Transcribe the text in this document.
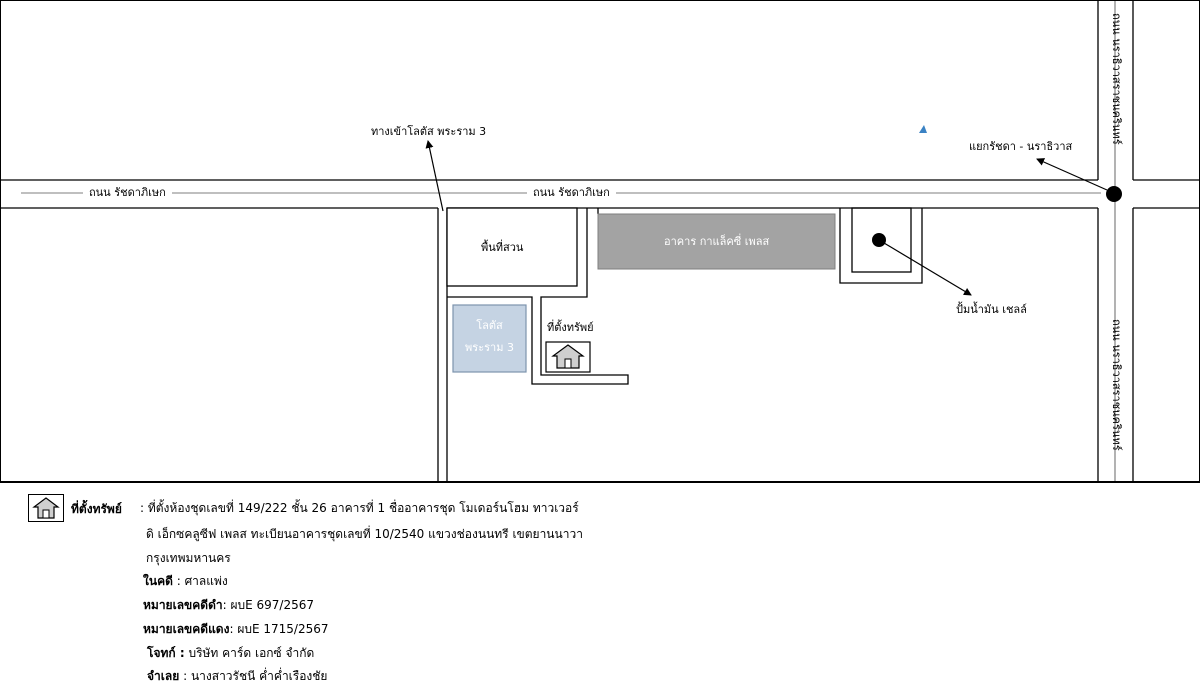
ถนน รัชดาภิเษก	ถนน รัชดาภิเษก
ถนน นราธิวาสราชนครินทร์
ถนน นราธิวาสราชนครินทร์
ทางเข้าโลตัส พระราม 3
แยกรัชดา - นราธิวาส
พื้นที่สวน	อาคาร กาแล็คซี่ เพลส
ปั้มน้ำมัน เชลล์
ที่ตั้งทรัพย์
โลตัส
พระราม 3
ที่ตั้งทรัพย์ : ที่ตั้งห้องชุดเลขที่ 149/222 ชั้น 26 อาคารที่ 1 ชื่ออาคารชุด โมเดอร์นโฮม ทาวเวอร์
ดิ เอ็กซคลูซีฟ เพลส ทะเบียนอาคารชุดเลขที่ 10/2540 แขวงช่องนนทรี เขตยานนาวา
กรุงเทพมหานคร
ในคดี : ศาลแพ่ง
หมายเลขคดีดำ: ผบE 697/2567
หมายเลขคดีแดง: ผบE 1715/2567
โจทก์ : บริษัท คาร์ด เอกซ์ จำกัด
จำเลย : นางสาวรัชนี ค่ำค่ำเรืองชัย
